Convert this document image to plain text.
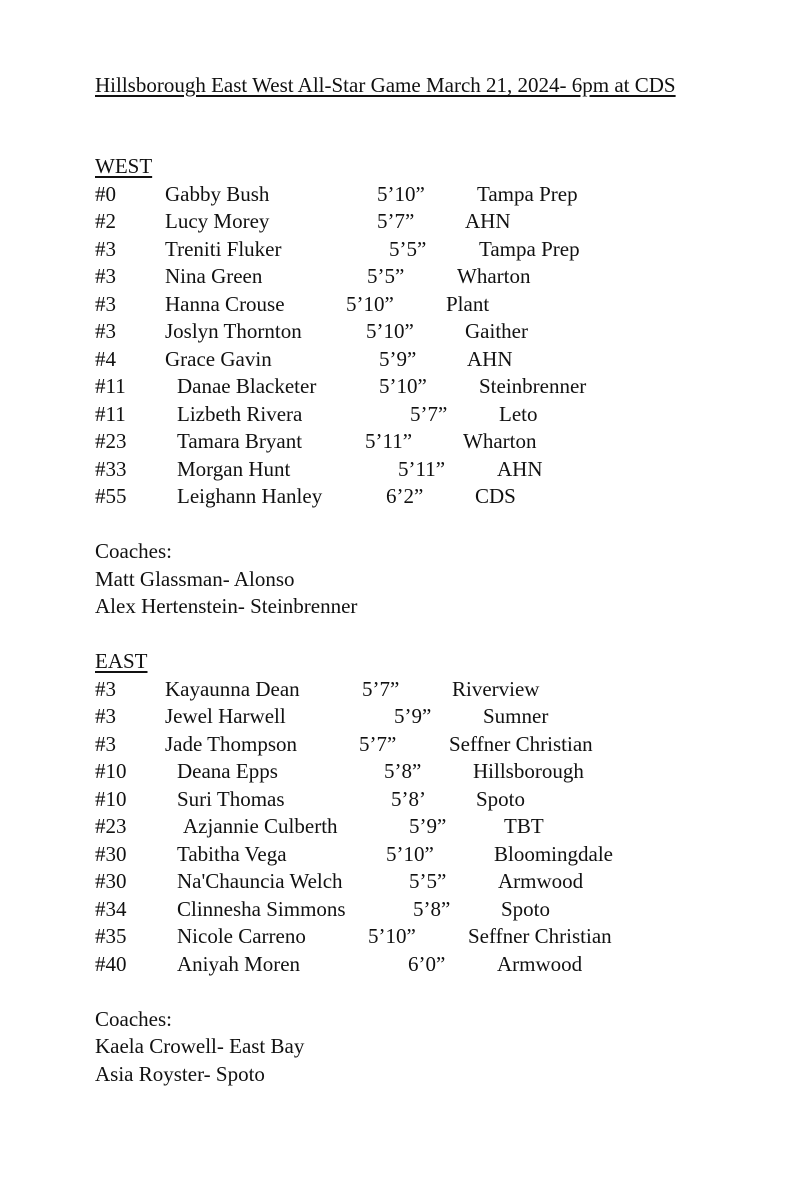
Hillsborough East West All-Star Game March 21, 2024- 6pm at CDS
WEST
#0 Gabby Bush	5’10” Tampa Prep
#2 Lucy Morey	5’7” AHN
#3 Treniti Fluker	5’5”	Tampa Prep
#3 Nina Green	5’5”	Wharton
#3 Hanna Crouse	5’10” Plant
#3 Joslyn Thornton	5’10” Gaither
#4 Grace Gavin	5’9” AHN
#11 Danae Blacketer	5’10” Steinbrenner
#11 Lizbeth Rivera	5’7” Leto
#23 Tamara Bryant	5’11” Wharton
#33 Morgan Hunt	5’11” AHN
#55 Leighann Hanley	6’2” CDS
Coaches:
Matt Glassman- Alonso
Alex Hertenstein- Steinbrenner
EAST
#3 Kayaunna Dean	5’7”	Riverview
#3 Jewel Harwell	5’9” Sumner
#3 Jade Thompson	5’7”	Seffner Christian
#10 Deana Epps	5’8” Hillsborough
#10 Suri Thomas	5’8’ Spoto
#23	Azjannie Culberth	5’9”	TBT
#30 Tabitha Vega	5’10”	Bloomingdale
#30 Na'Chauncia Welch	5’5” Armwood
#34 Clinnesha Simmons	5’8” Spoto
#35 Nicole Carreno	5’10” Seffner Christian
#40 Aniyah Moren	6’0” Armwood
Coaches:
Kaela Crowell- East Bay
Asia Royster- Spoto
